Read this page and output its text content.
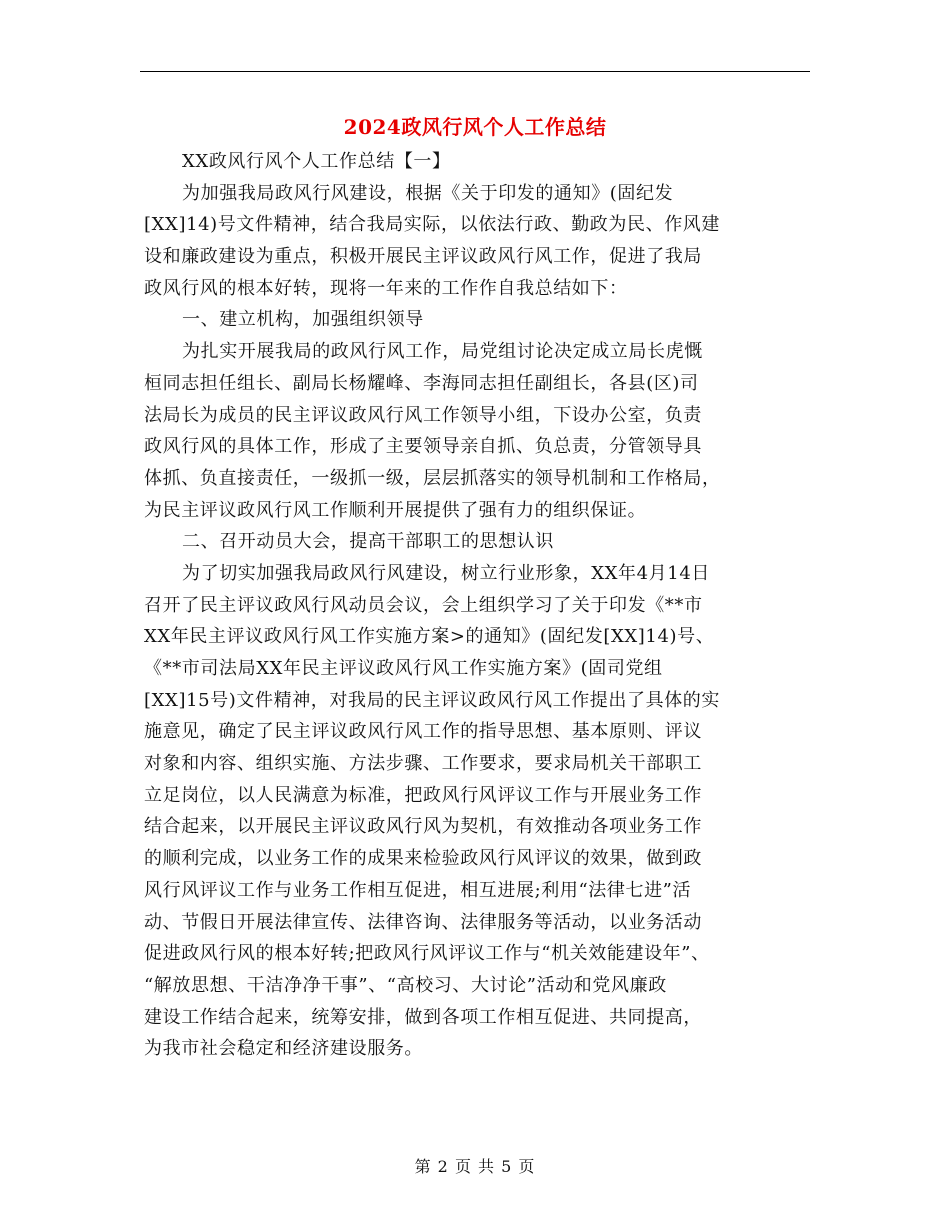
2024政风行风个人工作总结
XX政风行风个人工作总结【一】
为加强我局政风行风建设，根据《关于印发的通知》(固纪发
[XX]14)号文件精神，结合我局实际，以依法行政、勤政为民、作风建
设和廉政建设为重点，积极开展民主评议政风行风工作，促进了我局
政风行风的根本好转，现将一年来的工作作自我总结如下：
一、建立机构，加强组织领导
为扎实开展我局的政风行风工作，局党组讨论决定成立局长虎慨
桓同志担任组长、副局长杨耀峰、李海同志担任副组长，各县(区)司
法局长为成员的民主评议政风行风工作领导小组，下设办公室，负责
政风行风的具体工作，形成了主要领导亲自抓、负总责，分管领导具
体抓、负直接责任，一级抓一级，层层抓落实的领导机制和工作格局，
为民主评议政风行风工作顺利开展提供了强有力的组织保证。
二、召开动员大会，提高干部职工的思想认识
为了切实加强我局政风行风建设，树立行业形象，XX年4月14日
召开了民主评议政风行风动员会议，会上组织学习了关于印发《**市
XX年民主评议政风行风工作实施方案>的通知》(固纪发[XX]14)号、
《**市司法局XX年民主评议政风行风工作实施方案》(固司党组
[XX]15号)文件精神，对我局的民主评议政风行风工作提出了具体的实
施意见，确定了民主评议政风行风工作的指导思想、基本原则、评议
对象和内容、组织实施、方法步骤、工作要求，要求局机关干部职工
立足岗位，以人民满意为标准，把政风行风评议工作与开展业务工作
结合起来，以开展民主评议政风行风为契机，有效推动各项业务工作
的顺利完成，以业务工作的成果来检验政风行风评议的效果，做到政
风行风评议工作与业务工作相互促进，相互进展;利用“法律七进”活
动、节假日开展法律宣传、法律咨询、法律服务等活动，以业务活动
促进政风行风的根本好转;把政风行风评议工作与“机关效能建设年”、
“解放思想、干洁净净干事”、“高校习、大讨论”活动和党风廉政
建设工作结合起来，统筹安排，做到各项工作相互促进、共同提高，
为我市社会稳定和经济建设服务。
第 2 页 共 5 页
